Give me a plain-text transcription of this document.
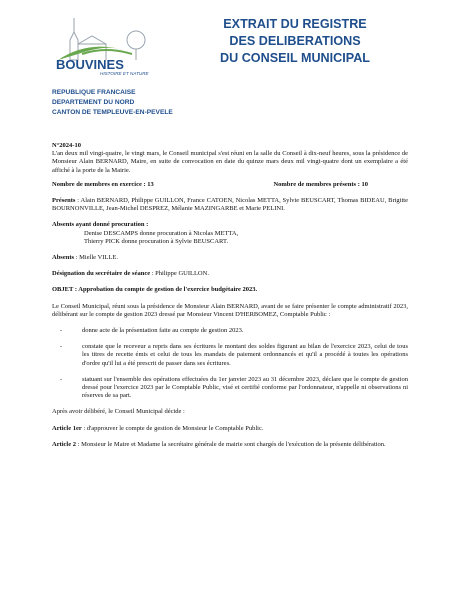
BOUVINES
HISTOIRE ET NATURE
EXTRAIT DU REGISTRE
DES DELIBERATIONS
DU CONSEIL MUNICIPAL
REPUBLIQUE FRANCAISE
DEPARTEMENT DU NORD
CANTON DE TEMPLEUVE-EN-PEVELE

N°2024-10

L'an deux mil vingt-quatre, le vingt mars, le Conseil municipal s'est réuni en la salle du Conseil à dix-neuf heures, sous la présidence de Monsieur Alain BERNARD, Maire, en suite de convocation en date du quinze mars deux mil vingt-quatre dont un exemplaire a été affiché à la porte de la Mairie.

Nombre de membres en exercice : 13	Nombre de membres présents : 10

Présents : Alain BERNARD, Philippe GUILLON, France CATOEN, Nicolas METTA, Sylvie BEUSCART, Thomas BIDEAU, Brigitte BOURNONVILLE, Jean-Michel DESPREZ, Mélanie MAZINGARBE et Marie PELINI.

Absents ayant donné procuration :

Denise DESCAMPS donne procuration à Nicolas METTA,

Thierry PICK donne procuration à Sylvie BEUSCART.

Absents : Mielle VILLE.

Désignation du secrétaire de séance : Philippe GUILLON.

OBJET : Approbation du compte de gestion de l'exercice budgétaire 2023.

Le Conseil Municipal, réuni sous la présidence de Monsieur Alain BERNARD, avant de se faire présenter le compte administratif 2023, délibérant sur le compte de gestion 2023 dressé par Monsieur Vincent D'HERBOMEZ, Comptable Public :

-	donne acte de la présentation faite au compte de gestion 2023.
-	constate que le receveur a repris dans ses écritures le montant des soldes figurant au bilan de l'exercice 2023, celui de tous les titres de recette émis et celui de tous les mandats de paiement ordonnancés et qu'il a procédé à toutes les opérations d'ordre qu'il lui a été prescrit de passer dans ses écritures.
-	statuant sur l'ensemble des opérations effectuées du 1er janvier 2023 au 31 décembre 2023, déclare que le compte de gestion dressé pour l'exercice 2023 par le Comptable Public, visé et certifié conforme par l'ordonnateur, n'appelle ni observations ni réserves de sa part.

Après avoir délibéré, le Conseil Municipal décide :

Article 1er : d'approuver le compte de gestion de Monsieur le Comptable Public.

Article 2 : Monsieur le Maire et Madame la secrétaire générale de mairie sont chargés de l'exécution de la présente délibération.
